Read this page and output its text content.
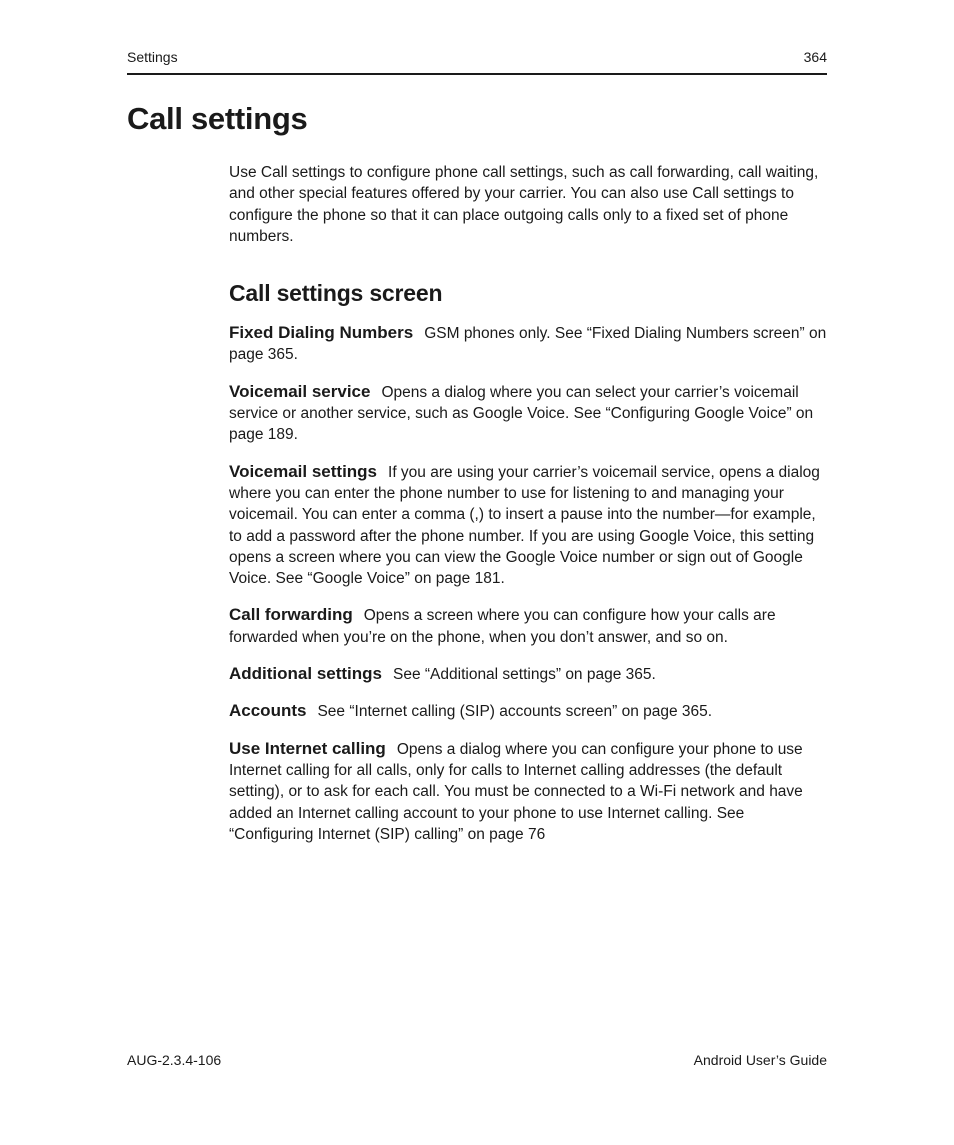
Settings	364
Call settings

Use Call settings to configure phone call settings, such as call forwarding, call waiting, and other special features offered by your carrier. You can also use Call settings to configure the phone so that it can place outgoing calls only to a fixed set of phone numbers.

Call settings screen

Fixed Dialing Numbers GSM phones only. See “Fixed Dialing Numbers screen” on page 365.

Voicemail service Opens a dialog where you can select your carrier’s voicemail service or another service, such as Google Voice. See “Configuring Google Voice” on page 189.

Voicemail settings If you are using your carrier’s voicemail service, opens a dialog where you can enter the phone number to use for listening to and managing your voicemail. You can enter a comma (,) to insert a pause into the number—for example, to add a password after the phone number. If you are using Google Voice, this setting opens a screen where you can view the Google Voice number or sign out of Google Voice. See “Google Voice” on page 181.

Call forwarding Opens a screen where you can configure how your calls are forwarded when you’re on the phone, when you don’t answer, and so on.

Additional settings See “Additional settings” on page 365.

Accounts See “Internet calling (SIP) accounts screen” on page 365.

Use Internet calling Opens a dialog where you can configure your phone to use Internet calling for all calls, only for calls to Internet calling addresses (the default setting), or to ask for each call. You must be connected to a Wi-Fi network and have added an Internet calling account to your phone to use Internet calling. See “Configuring Internet (SIP) calling” on page 76

AUG-2.3.4-106	Android User’s Guide
